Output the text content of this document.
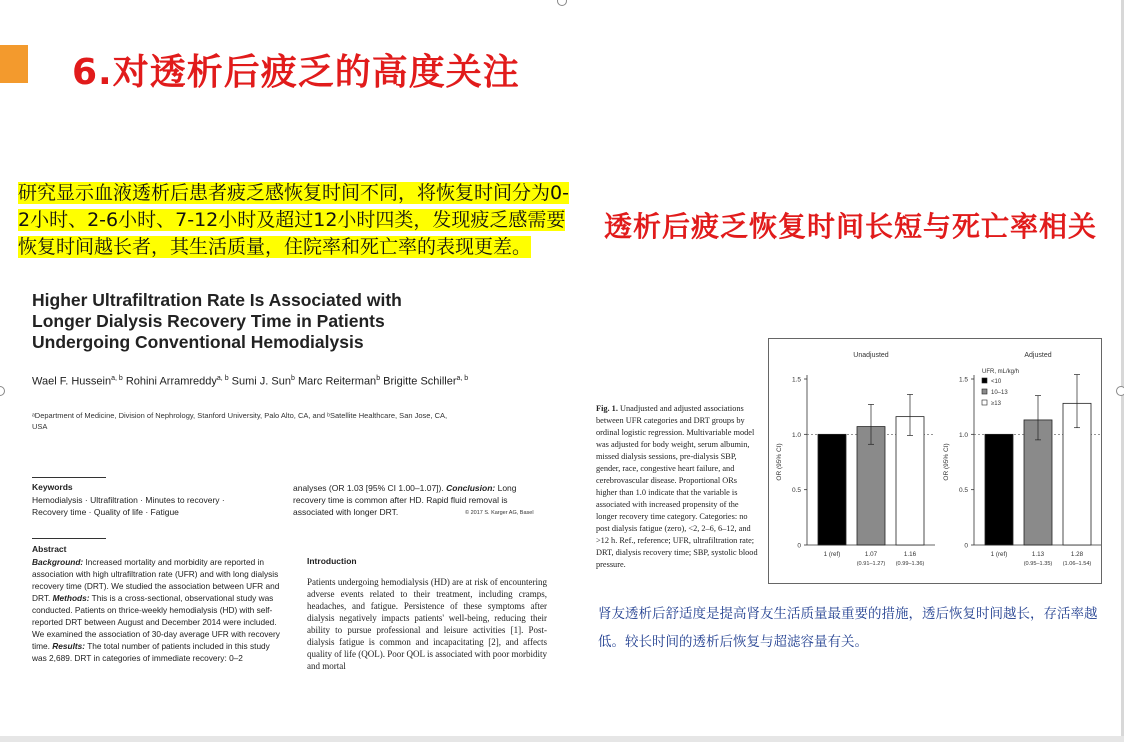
6.对透析后疲乏的高度关注
研究显示血液透析后患者疲乏感恢复时间不同，将恢复时间分为0-2小时、2-6小时、7-12小时及超过12小时四类，发现疲乏感需要恢复时间越长者，其生活质量，住院率和死亡率的表现更差。
透析后疲乏恢复时间长短与死亡率相关
Higher Ultrafiltration Rate Is Associated with Longer Dialysis Recovery Time in Patients Undergoing Conventional Hemodialysis
Wael F. Hussein$^{a, b}$ Rohini Arramreddy$^{a, b}$ Sumi J. Sun$^b$ Marc Reiterman$^b$ Brigitte Schiller$^{a, b}$
ᵃDepartment of Medicine, Division of Nephrology, Stanford University, Palo Alto, CA, and ᵇSatellite Healthcare, San Jose, CA, USA
Keywords
Hemodialysis · Ultrafiltration · Minutes to recovery · Recovery time · Quality of life · Fatigue
analyses (OR 1.03 [95% CI 1.00–1.07]). Conclusion: Long recovery time is common after HD. Rapid fluid removal is associated with longer DRT.	© 2017 S. Karger AG, Basel
Abstract
Background: Increased mortality and morbidity are reported in association with high ultrafiltration rate (UFR) and with long dialysis recovery time (DRT). We studied the association between UFR and DRT. Methods: This is a cross-sectional, observational study was conducted. Patients on thrice-weekly hemodialysis (HD) with self-reported DRT between August and December 2014 were included. We examined the association of 30-day average UFR with recovery time. Results: The total number of patients included in this study was 2,689. DRT in categories of immediate recovery: 0–2
Introduction
Patients undergoing hemodialysis (HD) are at risk of encountering adverse events related to their treatment, including cramps, headaches, and fatigue. Persistence of these symptoms after dialysis negatively impacts patients' well-being, reducing their ability to pursue professional and leisure activities [1]. Post-dialysis fatigue is common and incapacitating [2], and affects quality of life (QOL). Poor QOL is associated with poor morbidity and mortal
Fig. 1. Unadjusted and adjusted associations between UFR categories and DRT groups by ordinal logistic regression. Multivariable model was adjusted for body weight, serum albumin, missed dialysis sessions, pre-dialysis SBP, gender, race, congestive heart failure, and cerebrovascular disease. Proportional ORs higher than 1.0 indicate that the variable is associated with increased propensity of the longer recovery time category. Categories: no post dialysis fatigue (zero), <2, 2–6, 6–12, and >12 h. Ref., reference; UFR, ultrafiltration rate; DRT, dialysis recovery time; SBP, systolic blood pressure.
Unadjusted
OR (95% CI)
0
0.5
1.0
1.5
1 (ref)	1.07
(0.91–1.27)
1.16
(0.99–1.36)
Adjusted
OR (95% CI)
0
0.5
1.0
1.5
1 (ref)	1.13
(0.95–1.35)
1.28
(1.06–1.54)
UFR, mL/kg/h
<10
10–13
≥13
肾友透析后舒适度是提高肾友生活质量最重要的措施，透后恢复时间越长，存活率越低。较长时间的透析后恢复与超滤容量有关。
